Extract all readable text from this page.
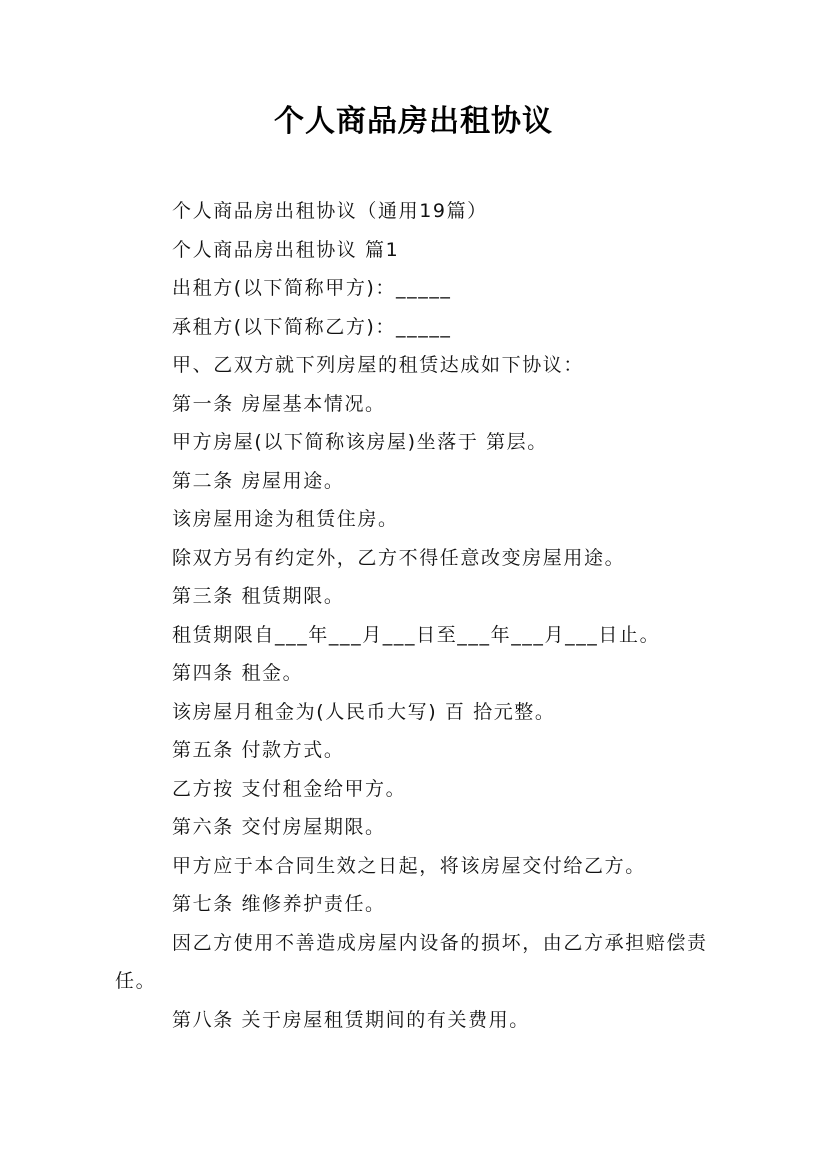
个人商品房出租协议

个人商品房出租协议（通用19篇）

个人商品房出租协议 篇1

出租方(以下简称甲方)：_____

承租方(以下简称乙方)：_____

甲、乙双方就下列房屋的租赁达成如下协议：

第一条 房屋基本情况。

甲方房屋(以下简称该房屋)坐落于 第层。

第二条 房屋用途。

该房屋用途为租赁住房。

除双方另有约定外，乙方不得任意改变房屋用途。

第三条 租赁期限。

租赁期限自___年___月___日至___年___月___日止。

第四条 租金。

该房屋月租金为(人民币大写) 百 拾元整。

第五条 付款方式。

乙方按 支付租金给甲方。

第六条 交付房屋期限。

甲方应于本合同生效之日起，将该房屋交付给乙方。

第七条 维修养护责任。

因乙方使用不善造成房屋内设备的损坏，由乙方承担赔偿责任。

第八条 关于房屋租赁期间的有关费用。
